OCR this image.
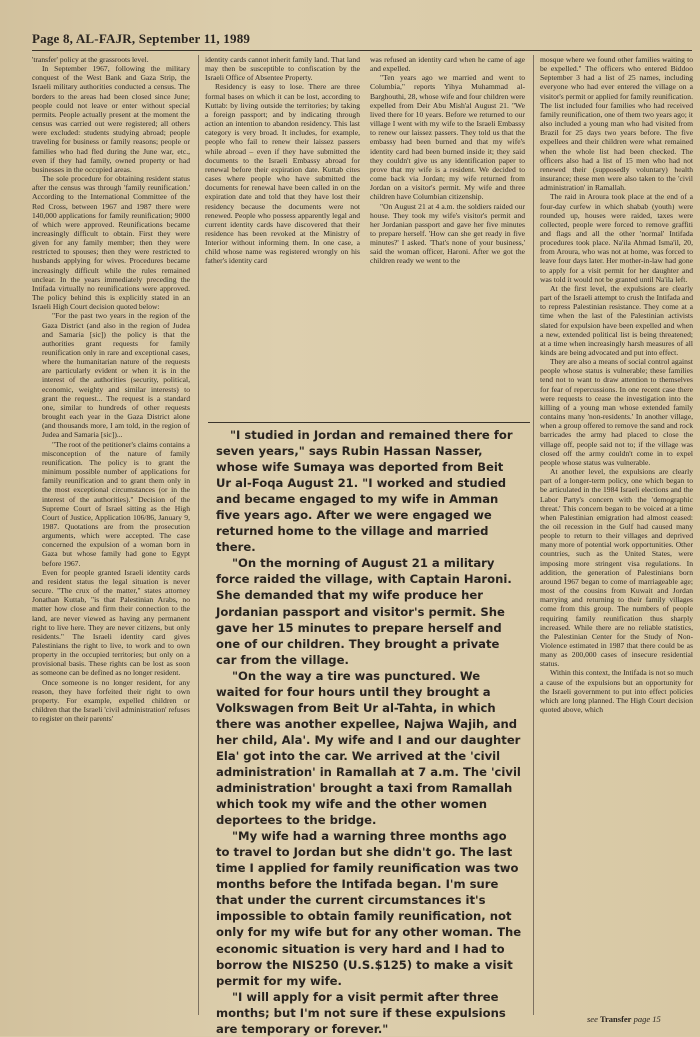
Page 8, AL-FAJR, September 11, 1989

'transfer' policy at the grassroots level.

In September 1967, following the military conquest of the West Bank and Gaza Strip, the Israeli military authorities conducted a census. The borders to the areas had been closed since June; people could not leave or enter without special permits. People actually present at the moment the census was carried out were registered; all others were excluded: students studying abroad; people traveling for business or family reasons; people or families who had fled during the June war, etc., even if they had family, owned property or had businesses in the occupied areas.

The sole procedure for obtaining resident status after the census was through 'family reunification.' According to the International Committee of the Red Cross, between 1967 and 1987 there were 140,000 applications for family reunification; 9000 of which were approved. Reunifications became increasingly difficult to obtain. First they were given for any family member; then they were restricted to spouses; then they were restricted to husbands applying for wives. Procedures became increasingly difficult while the rules remained unclear. In the years immediately preceding the Intifada virtually no reunifications were approved. The policy behind this is explicitly stated in an Israeli High Court decision quoted below:

"For the past two years in the region of the Gaza District (and also in the region of Judea and Samaria [sic]) the policy is that the authorities grant requests for family reunification only in rare and exceptional cases, where the humanitarian nature of the requests are particularly evident or when it is in the interest of the authorities (security, political, economic, weighty and similar interests) to grant the request... The request is a standard one, similar to hundreds of other requests brought each year in the Gaza District alone (and thousands more, I am told, in the region of Judea and Samaria [sic])...

"The root of the petitioner's claims contains a misconception of the nature of family reunification. The policy is to grant the minimum possible number of applications for family reunification and to grant them only in the most exceptional circumstances (or in the interest of the authorities)." Decision of the Supreme Court of Israel sitting as the High Court of Justice, Application 106/86, January 9, 1987. Quotations are from the prosecution arguments, which were accepted. The case concerned the expulsion of a woman born in Gaza but whose family had gone to Egypt before 1967.

Even for people granted Israeli identity cards and resident status the legal situation is never secure. "The crux of the matter," states attorney Jonathan Kuttab, "is that Palestinian Arabs, no matter how close and firm their connection to the land, are never viewed as having any permanent right to live here. They are never citizens, but only residents." The Israeli identity card gives Palestinians the right to live, to work and to own property in the occupied territories; but only on a provisional basis. These rights can be lost as soon as someone can be defined as no longer resident.

Once someone is no longer resident, for any reason, they have forfeited their right to own property. For example, expelled children or children that the Israeli 'civil administration' refuses to register on their parents'

identity cards cannot inherit family land. That land may then be susceptible to confiscation by the Israeli Office of Absentee Property.

Residency is easy to lose. There are three formal bases on which it can be lost, according to Kuttab: by living outside the territories; by taking a foreign passport; and by indicating through action an intention to abandon residency. This last category is very broad. It includes, for example, people who fail to renew their laissez passers while abroad – even if they have submitted the documents to the Israeli Embassy abroad for renewal before their expiration date. Kuttab cites cases where people who have submitted the documents for renewal have been called in on the expiration date and told that they have lost their residency because the documents were not renewed. People who possess apparently legal and current identity cards have discovered that their residence has been revoked at the Ministry of Interior without informing them. In one case, a child whose name was registered wrongly on his father's identity card

was refused an identity card when he came of age and expelled.

"Ten years ago we married and went to Columbia," reports Yihya Muhammad al-Barghouthi, 28, whose wife and four children were expelled from Deir Abu Mish'al August 21. "We lived there for 10 years. Before we returned to our village I went with my wife to the Israeli Embassy to renew our laissez passers. They told us that the embassy had been burned and that my wife's identity card had been burned inside it; they said they couldn't give us any identification paper to prove that my wife is a resident. We decided to come back via Jordan; my wife returned from Jordan on a visitor's permit. My wife and three children have Columbian citizenship.

"On August 21 at 4 a.m. the soldiers raided our house. They took my wife's visitor's permit and her Jordanian passport and gave her five minutes to prepare herself. 'How can she get ready in five minutes?' I asked. 'That's none of your business,' said the woman officer, Haroni. After we got the children ready we went to the

mosque where we found other families waiting to be expelled." The officers who entered Biddoo September 3 had a list of 25 names, including everyone who had ever entered the village on a visitor's permit or applied for family reunification. The list included four families who had received family reunification, one of them two years ago; it also included a young man who had visited from Brazil for 25 days two years before. The five expellees and their children were what remained when the whole list had been checked. The officers also had a list of 15 men who had not renewed their (supposedly voluntary) health insurance; these men were also taken to the 'civil administration' in Ramallah.

The raid in Aroura took place at the end of a four-day curfew in which shabab (youth) were rounded up, houses were raided, taxes were collected, people were forced to remove graffiti and flags and all the other 'normal' Intifada procedures took place. Na'ila Ahmad Isma'il, 20, from Aroura, who was not at home, was forced to leave four days later. Her mother-in-law had gone to apply for a visit permit for her daughter and was told it would not be granted until Na'ila left.

At the first level, the expulsions are clearly part of the Israeli attempt to crush the Intifada and to repress Palestinian resistance. They come at a time when the last of the Palestinian activists slated for expulsion have been expelled and when a new, extended political list is being threatened; at a time when increasingly harsh measures of all kinds are being advocated and put into effect.

They are also a means of social control against people whose status is vulnerable; these families tend not to want to draw attention to themselves for fear of repercussions. In one recent case there were requests to cease the investigation into the killing of a young man whose extended family contains many 'non-residents.' In another village, when a group offered to remove the sand and rock barricades the army had placed to close the village off, people said not to; if the village was closed off the army couldn't come in to expel people whose status was vulnerable.

At another level, the expulsions are clearly part of a longer-term policy, one which began to be articulated in the 1984 Israeli elections and the Labor Party's concern with the 'demographic threat.' This concern began to be voiced at a time when Palestinian emigration had almost ceased: the oil recession in the Gulf had caused many people to return to their villages and deprived many more of potential work opportunities. Other countries, such as the United States, were imposing more stringent visa regulations. In addition, the generation of Palestinians born around 1967 began to come of marriageable age; most of the cousins from Kuwait and Jordan marrying and returning to their family villages come from this group. The numbers of people requiring family reunification thus sharply increased. While there are no reliable statistics, the Palestinian Center for the Study of Non-Violence estimated in 1987 that there could be as many as 200,000 cases of insecure residential status.

Within this context, the Intifada is not so much a cause of the expulsions but an opportunity for the Israeli government to put into effect policies which are long planned. The High Court decision quoted above, which

"I studied in Jordan and remained there for seven years," says Rubin Hassan Nasser, whose wife Sumaya was deported from Beit Ur al-Foqa August 21. "I worked and studied and became engaged to my wife in Amman five years ago. After we were engaged we returned home to the village and married there.

"On the morning of August 21 a military force raided the village, with Captain Haroni. She demanded that my wife produce her Jordanian passport and visitor's permit. She gave her 15 minutes to prepare herself and one of our children. They brought a private car from the village.

"On the way a tire was punctured. We waited for four hours until they brought a Volkswagen from Beit Ur al-Tahta, in which there was another expellee, Najwa Wajih, and her child, Ala'. My wife and I and our daughter Ela' got into the car. We arrived at the 'civil administration' in Ramallah at 7 a.m. The 'civil administration' brought a taxi from Ramallah which took my wife and the other women deportees to the bridge.

"My wife had a warning three months ago to travel to Jordan but she didn't go. The last time I applied for family reunification was two months before the Intifada began. I'm sure that under the current circumstances it's impossible to obtain family reunification, not only for my wife but for any other woman. The economic situation is very hard and I had to borrow the NIS250 (U.S.$125) to make a visit permit for my wife.

"I will apply for a visit permit after three months; but I'm not sure if these expulsions are temporary or forever."

see Transfer page 15
